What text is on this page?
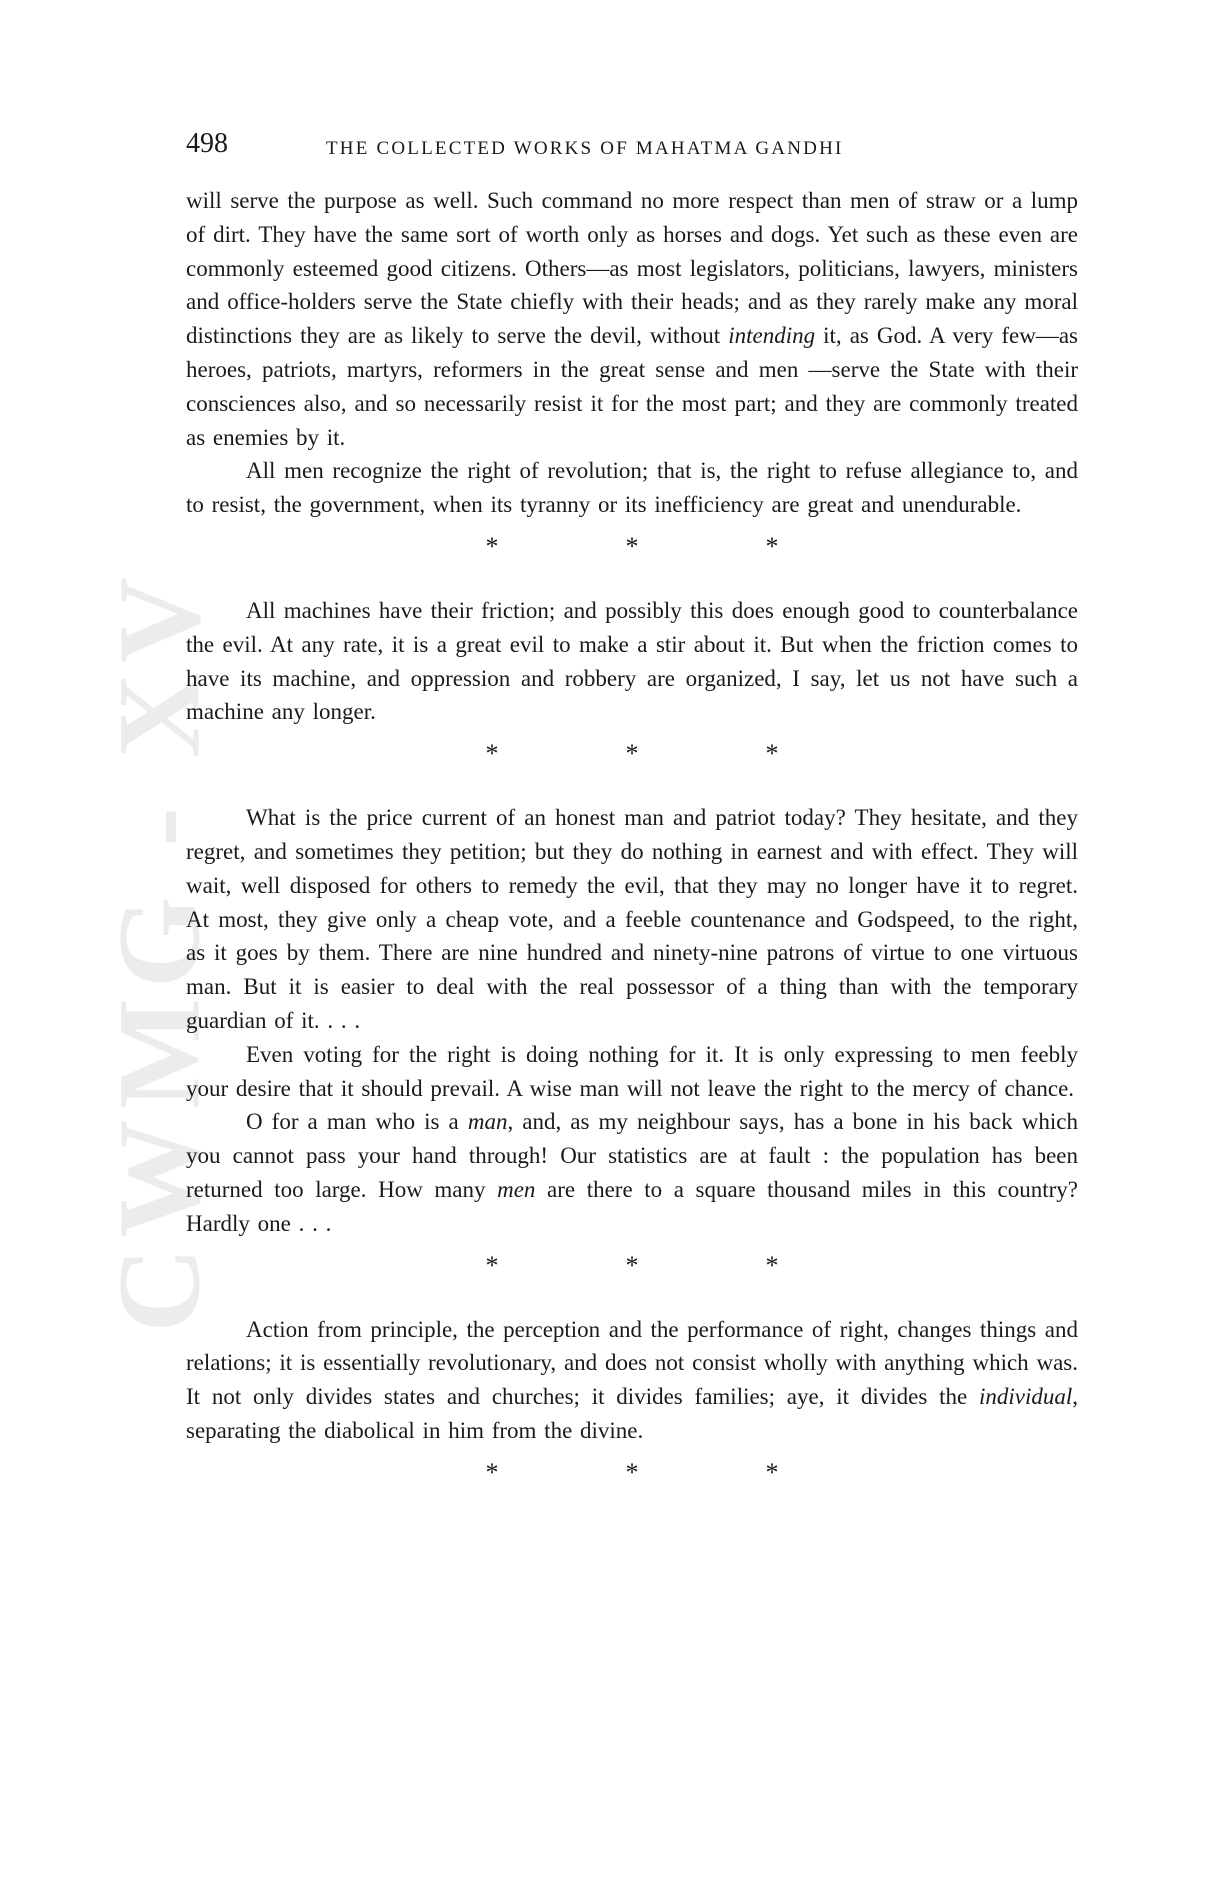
CWMG - XV
498	THE COLLECTED WORKS OF MAHATMA GANDHI

will serve the purpose as well. Such command no more respect than men of straw or a lump of dirt. They have the same sort of worth only as horses and dogs. Yet such as these even are commonly esteemed good citizens. Others—as most legislators, politicians, lawyers, ministers and office-holders serve the State chiefly with their heads; and as they rarely make any moral distinctions they are as likely to serve the devil, without intending it, as God. A very few—as heroes, patriots, martyrs, reformers in the great sense and men —serve the State with their consciences also, and so necessarily resist it for the most part; and they are commonly treated as enemies by it.

All men recognize the right of revolution; that is, the right to refuse allegiance to, and to resist, the government, when its tyranny or its inefficiency are great and unendurable.

*	*	*

All machines have their friction; and possibly this does enough good to counterbalance the evil. At any rate, it is a great evil to make a stir about it. But when the friction comes to have its machine, and oppression and robbery are organized, I say, let us not have such a machine any longer.

*	*	*

What is the price current of an honest man and patriot today? They hesitate, and they regret, and sometimes they petition; but they do nothing in earnest and with effect. They will wait, well disposed for others to remedy the evil, that they may no longer have it to regret. At most, they give only a cheap vote, and a feeble countenance and Godspeed, to the right, as it goes by them. There are nine hundred and ninety-nine patrons of virtue to one virtuous man. But it is easier to deal with the real possessor of a thing than with the temporary guardian of it. . . .

Even voting for the right is doing nothing for it. It is only expressing to men feebly your desire that it should prevail. A wise man will not leave the right to the mercy of chance.

O for a man who is a man, and, as my neighbour says, has a bone in his back which you cannot pass your hand through! Our statistics are at fault : the population has been returned too large. How many men are there to a square thousand miles in this country? Hardly one . . .

*	*	*

Action from principle, the perception and the performance of right, changes things and relations; it is essentially revolutionary, and does not consist wholly with anything which was. It not only divides states and churches; it divides families; aye, it divides the individual, separating the diabolical in him from the divine.

*	*	*
